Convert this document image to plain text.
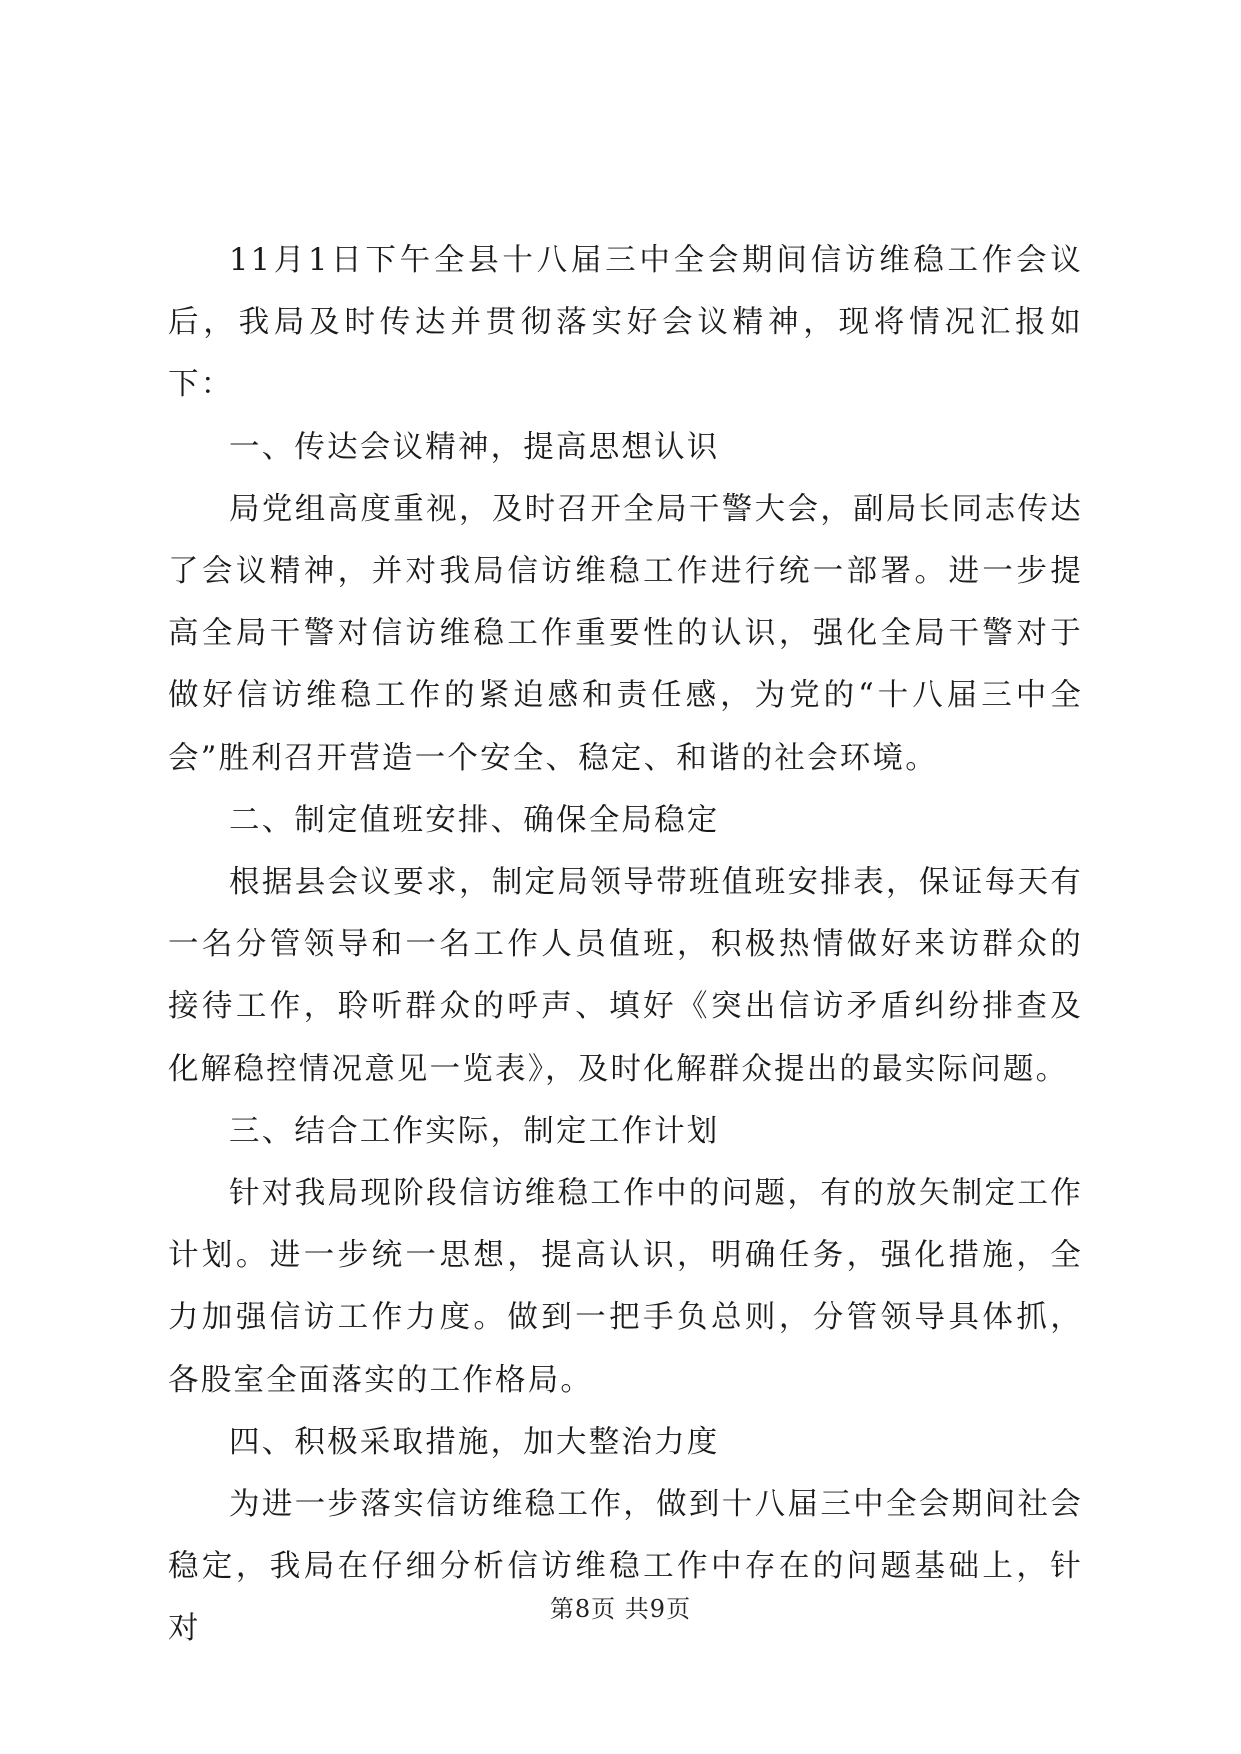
11月1日下午全县十八届三中全会期间信访维稳工作会议后，我局及时传达并贯彻落实好会议精神，现将情况汇报如下：

一、传达会议精神，提高思想认识

局党组高度重视，及时召开全局干警大会，副局长同志传达了会议精神，并对我局信访维稳工作进行统一部署。进一步提高全局干警对信访维稳工作重要性的认识，强化全局干警对于做好信访维稳工作的紧迫感和责任感，为党的“十八届三中全会”胜利召开营造一个安全、稳定、和谐的社会环境。

二、制定值班安排、确保全局稳定

根据县会议要求，制定局领导带班值班安排表，保证每天有一名分管领导和一名工作人员值班，积极热情做好来访群众的接待工作，聆听群众的呼声、填好《突出信访矛盾纠纷排查及化解稳控情况意见一览表》，及时化解群众提出的最实际问题。

三、结合工作实际，制定工作计划

针对我局现阶段信访维稳工作中的问题，有的放矢制定工作计划。进一步统一思想，提高认识，明确任务，强化措施，全力加强信访工作力度。做到一把手负总则，分管领导具体抓，各股室全面落实的工作格局。

四、积极采取措施，加大整治力度

为进一步落实信访维稳工作，做到十八届三中全会期间社会稳定，我局在仔细分析信访维稳工作中存在的问题基础上，针对

第8页 共9页
